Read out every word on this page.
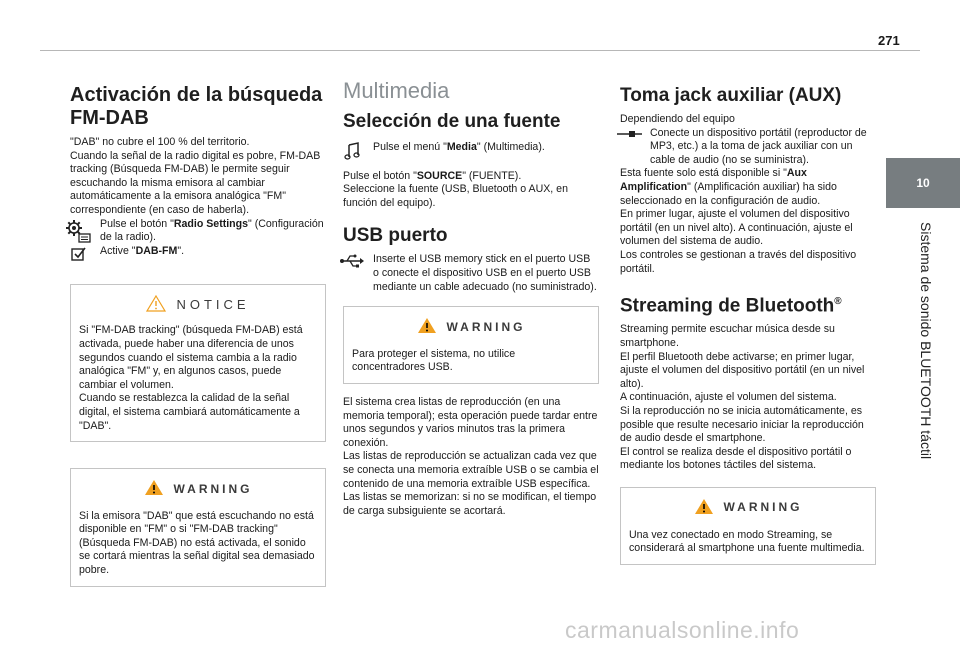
271
10
Sistema de sonido BLUETOOTH táctil
Activación de la búsqueda
FM-DAB

"DAB" no cubre el 100 % del territorio.

Cuando la señal de la radio digital es pobre, FM-DAB tracking (Búsqueda FM-DAB) le permite seguir escuchando la misma emisora al cambiar automáticamente a la emisora analógica "FM" correspondiente (en caso de haberla).

Pulse el botón "Radio Settings" (Configuración de la radio).

Active "DAB-FM".

NOTICE

Si "FM-DAB tracking" (búsqueda FM-DAB) está activada, puede haber una diferencia de unos segundos cuando el sistema cambia a la radio analógica "FM" y, en algunos casos, puede cambiar el volumen.

Cuando se restablezca la calidad de la señal digital, el sistema cambiará automáticamente a "DAB".

WARNING

Si la emisora "DAB" que está escuchando no está disponible en "FM" o si "FM-DAB tracking" (Búsqueda FM-DAB) no está activada, el sonido se cortará mientras la señal digital sea demasiado pobre.

Multimedia
Selección de una fuente

Pulse el menú "Media" (Multimedia).

Pulse el botón "SOURCE" (FUENTE).

Seleccione la fuente (USB, Bluetooth o AUX, en función del equipo).

USB puerto

Inserte el USB memory stick en el puerto USB o conecte el dispositivo USB en el puerto USB mediante un cable adecuado (no suministrado).

WARNING

Para proteger el sistema, no utilice concentradores USB.

El sistema crea listas de reproducción (en una memoria temporal); esta operación puede tardar entre unos segundos y varios minutos tras la primera conexión.

Las listas de reproducción se actualizan cada vez que se conecta una memoria extraíble USB o se cambia el contenido de una memoria extraíble USB específica.

Las listas se memorizan: si no se modifican, el tiempo de carga subsiguiente se acortará.

Toma jack auxiliar (AUX)

Dependiendo del equipo

Conecte un dispositivo portátil (reproductor de MP3, etc.) a la toma de jack auxiliar con un cable de audio (no se suministra).

Esta fuente solo está disponible si "Aux Amplification" (Amplificación auxiliar) ha sido seleccionado en la configuración de audio.

En primer lugar, ajuste el volumen del dispositivo portátil (en un nivel alto). A continuación, ajuste el volumen del sistema de audio.

Los controles se gestionan a través del dispositivo portátil.

Streaming de Bluetooth®

Streaming permite escuchar música desde su smartphone.

El perfil Bluetooth debe activarse; en primer lugar, ajuste el volumen del dispositivo portátil (en un nivel alto).

A continuación, ajuste el volumen del sistema.

Si la reproducción no se inicia automáticamente, es posible que resulte necesario iniciar la reproducción de audio desde el smartphone.

El control se realiza desde el dispositivo portátil o mediante los botones táctiles del sistema.

WARNING

Una vez conectado en modo Streaming, se considerará al smartphone una fuente multimedia.

carmanualsonline.info
